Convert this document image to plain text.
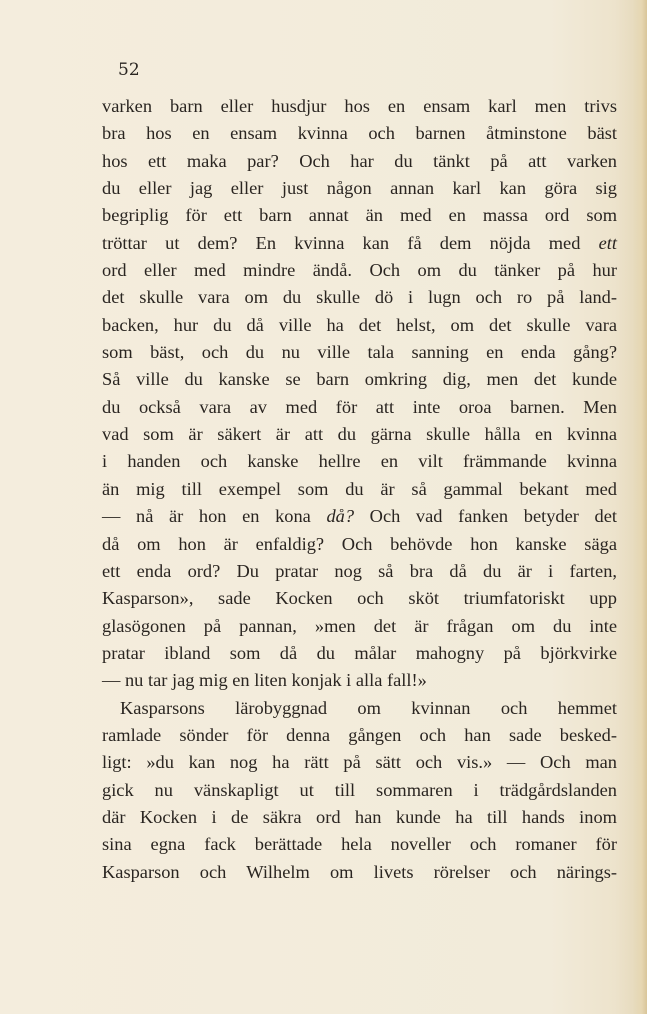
52
varken barn eller husdjur hos en ensam karl men trivs
bra hos en ensam kvinna och barnen åtminstone bäst
hos ett maka par? Och har du tänkt på att varken
du eller jag eller just någon annan karl kan göra sig
begriplig för ett barn annat än med en massa ord som
tröttar ut dem? En kvinna kan få dem nöjda med ett
ord eller med mindre ändå. Och om du tänker på hur
det skulle vara om du skulle dö i lugn och ro på land-
backen, hur du då ville ha det helst, om det skulle vara
som bäst, och du nu ville tala sanning en enda gång?
Så ville du kanske se barn omkring dig, men det kunde
du också vara av med för att inte oroa barnen. Men
vad som är säkert är att du gärna skulle hålla en kvinna
i handen och kanske hellre en vilt främmande kvinna
än mig till exempel som du är så gammal bekant med
— nå är hon en kona då? Och vad fanken betyder det
då om hon är enfaldig? Och behövde hon kanske säga
ett enda ord? Du pratar nog så bra då du är i farten,
Kasparson», sade Kocken och sköt triumfatoriskt upp
glasögonen på pannan, »men det är frågan om du inte
pratar ibland som då du målar mahogny på björkvirke
— nu tar jag mig en liten konjak i alla fall!»
Kasparsons lärobyggnad om kvinnan och hemmet
ramlade sönder för denna gången och han sade besked-
ligt: »du kan nog ha rätt på sätt och vis.» — Och man
gick nu vänskapligt ut till sommaren i trädgårdslanden
där Kocken i de säkra ord han kunde ha till hands inom
sina egna fack berättade hela noveller och romaner för
Kasparson och Wilhelm om livets rörelser och närings-
